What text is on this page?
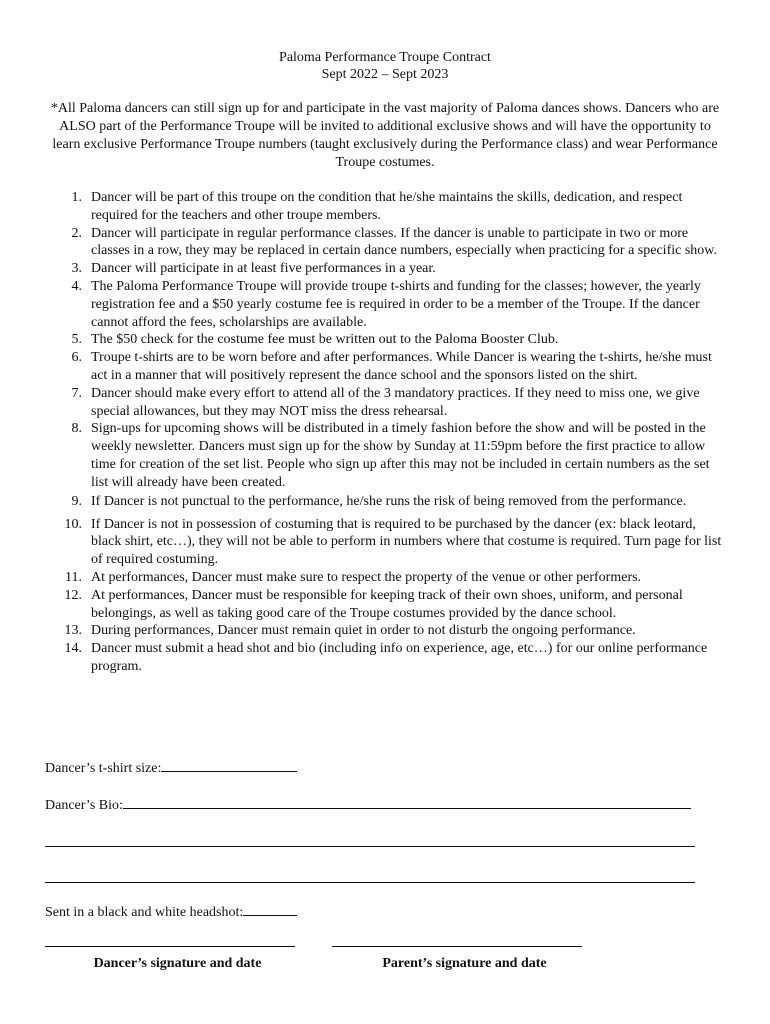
Paloma Performance Troupe Contract
Sept 2022 – Sept 2023
*All Paloma dancers can still sign up for and participate in the vast majority of Paloma dances shows. Dancers who are ALSO part of the Performance Troupe will be invited to additional exclusive shows and will have the opportunity to learn exclusive Performance Troupe numbers (taught exclusively during the Performance class) and wear Performance Troupe costumes.
1. Dancer will be part of this troupe on the condition that he/she maintains the skills, dedication, and respect required for the teachers and other troupe members.
2. Dancer will participate in regular performance classes. If the dancer is unable to participate in two or more classes in a row, they may be replaced in certain dance numbers, especially when practicing for a specific show.
3. Dancer will participate in at least five performances in a year.
4. The Paloma Performance Troupe will provide troupe t-shirts and funding for the classes; however, the yearly registration fee and a $50 yearly costume fee is required in order to be a member of the Troupe. If the dancer cannot afford the fees, scholarships are available.
5. The $50 check for the costume fee must be written out to the Paloma Booster Club.
6. Troupe t-shirts are to be worn before and after performances. While Dancer is wearing the t-shirts, he/she must act in a manner that will positively represent the dance school and the sponsors listed on the shirt.
7. Dancer should make every effort to attend all of the 3 mandatory practices. If they need to miss one, we give special allowances, but they may NOT miss the dress rehearsal.
8. Sign-ups for upcoming shows will be distributed in a timely fashion before the show and will be posted in the weekly newsletter. Dancers must sign up for the show by Sunday at 11:59pm before the first practice to allow time for creation of the set list. People who sign up after this may not be included in certain numbers as the set list will already have been created.
9. If Dancer is not punctual to the performance, he/she runs the risk of being removed from the performance.
10. If Dancer is not in possession of costuming that is required to be purchased by the dancer (ex: black leotard, black shirt, etc…), they will not be able to perform in numbers where that costume is required. Turn page for list of required costuming.
11. At performances, Dancer must make sure to respect the property of the venue or other performers.
12. At performances, Dancer must be responsible for keeping track of their own shoes, uniform, and personal belongings, as well as taking good care of the Troupe costumes provided by the dance school.
13. During performances, Dancer must remain quiet in order to not disturb the ongoing performance.
14. Dancer must submit a head shot and bio (including info on experience, age, etc…) for our online performance program.
Dancer’s t-shirt size:
Dancer’s Bio:
Sent in a black and white headshot:
Dancer’s signature and date	Parent’s signature and date
